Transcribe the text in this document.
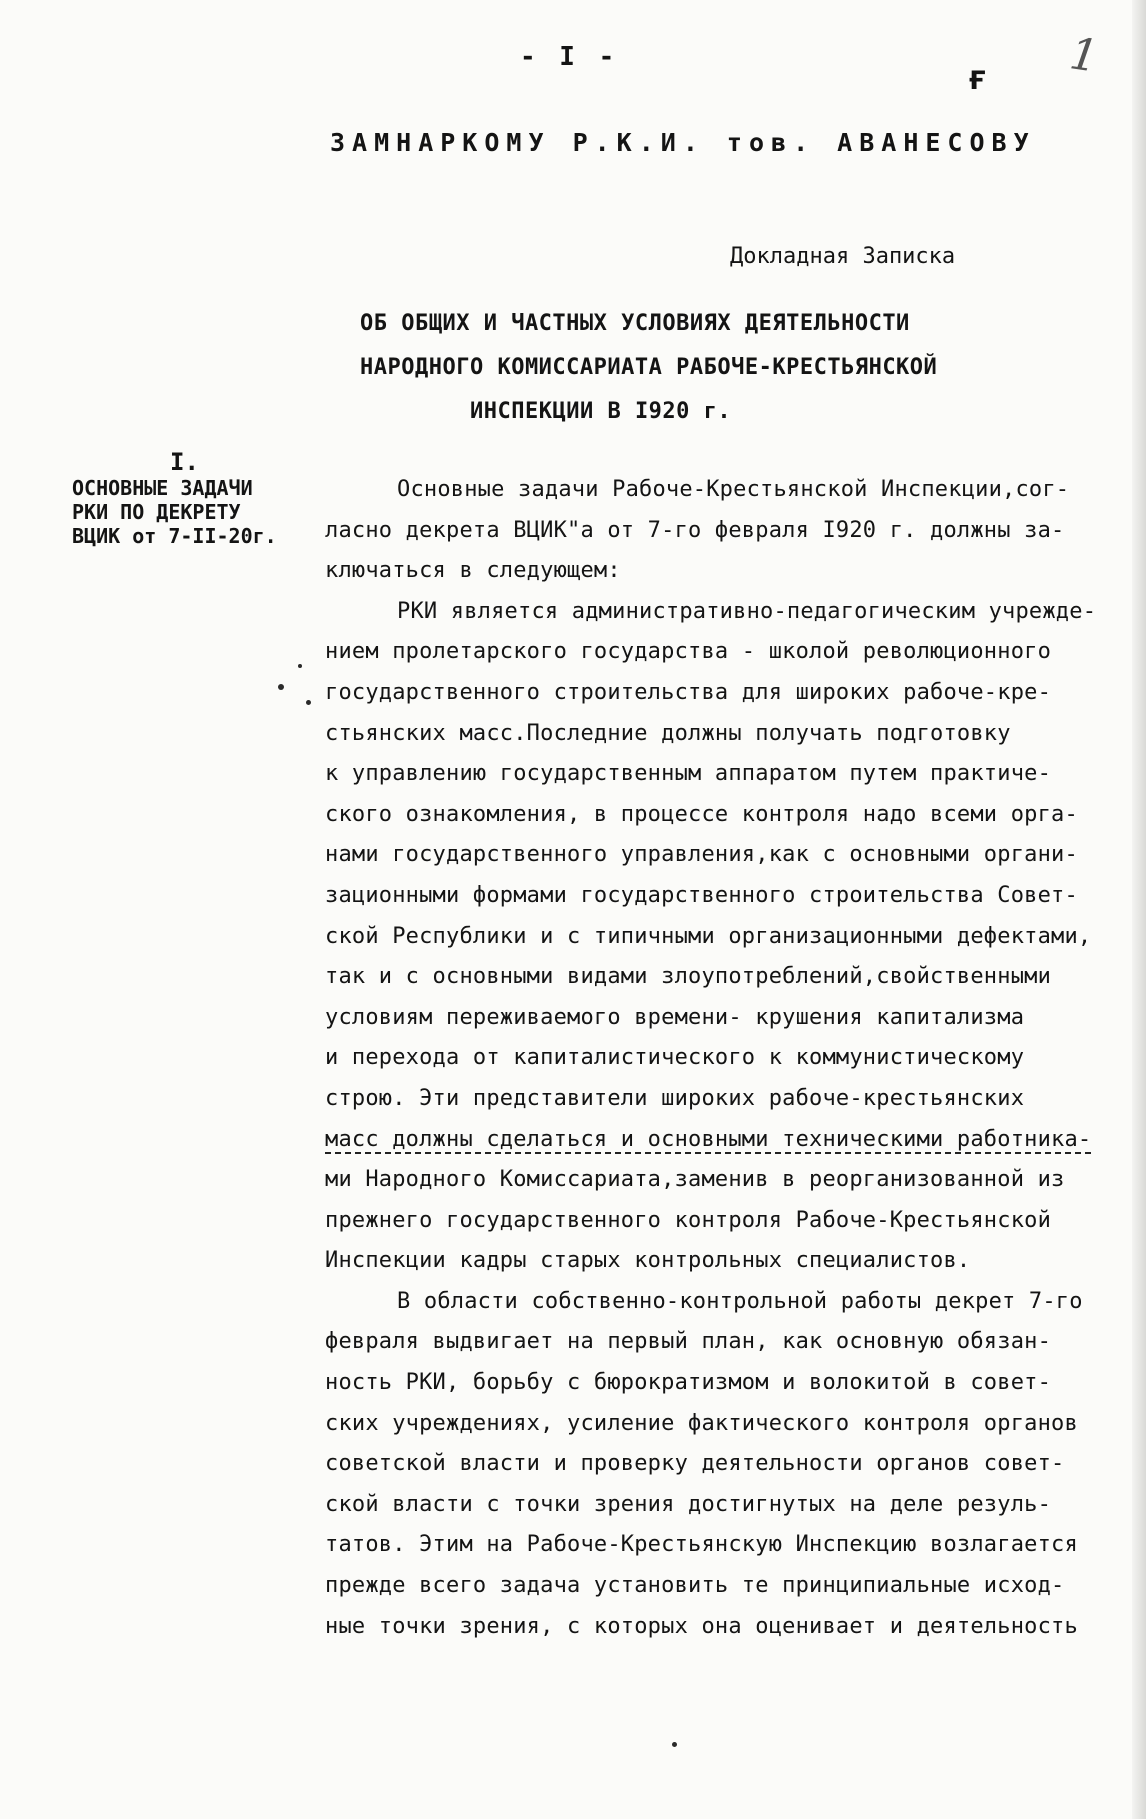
- I -	1
ғ
ЗАМНАРКОМУ Р.К.И. тов. АВАНЕСОВУ
Докладная Записка
ОБ ОБЩИХ И ЧАСТНЫХ УСЛОВИЯХ ДЕЯТЕЛЬНОСТИ
НАРОДНОГО КОМИССАРИАТА РАБОЧЕ-КРЕСТЬЯНСКОЙ
ИНСПЕКЦИИ В I920 г.
I.
ОСНОВНЫЕ ЗАДАЧИ
РКИ ПО ДЕКРЕТУ
ВЦИК от 7-II-20г.
Основные задачи Рабоче-Крестьянской Инспекции,сог-
ласно декрета ВЦИК"а от 7-го февраля I920 г. должны за-
ключаться в следующем:
РКИ является административно-педагогическим учрежде-
нием пролетарского государства - школой революционного
государственного строительства для широких рабоче-кре-
стьянских масс.Последние должны получать подготовку
к управлению государственным аппаратом путем практиче-
ского ознакомления, в процессе контроля надо всеми орга-
нами государственного управления,как с основными органи-
зационными формами государственного строительства Совет-
ской Республики и с типичными организационными дефектами,
так и с основными видами злоупотреблений,свойственными
условиям переживаемого времени- крушения капитализма
и перехода от капиталистического к коммунистическому
строю. Эти представители широких рабоче-крестьянских
масс должны сделаться и основными техническими работника-
ми Народного Комиссариата,заменив в реорганизованной из
прежнего государственного контроля Рабоче-Крестьянской
Инспекции кадры старых контрольных специалистов.
В области собственно-контрольной работы декрет 7-го
февраля выдвигает на первый план, как основную обязан-
ность РКИ, борьбу с бюрократизмом и волокитой в совет-
ских учреждениях, усиление фактического контроля органов
советской власти и проверку деятельности органов совет-
ской власти с точки зрения достигнутых на деле резуль-
татов. Этим на Рабоче-Крестьянскую Инспекцию возлагается
прежде всего задача установить те принципиальные исход-
ные точки зрения, с которых она оценивает и деятельность
